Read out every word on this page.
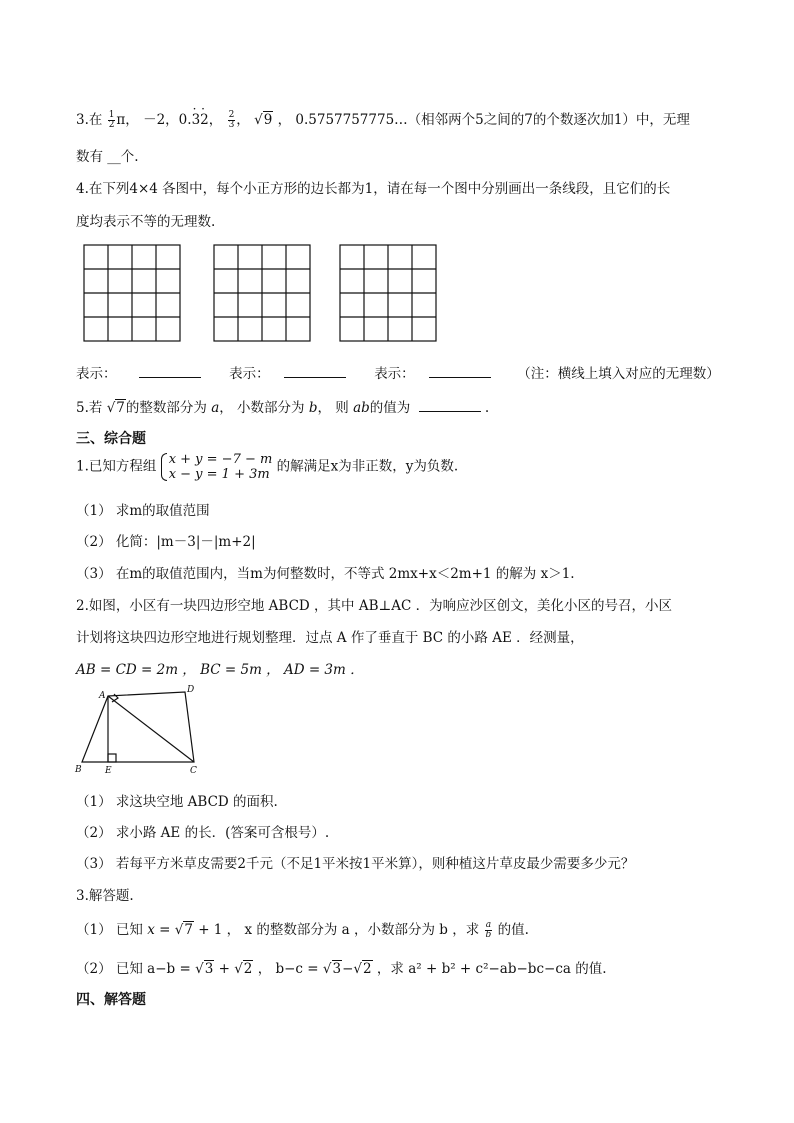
3.在 $\frac{1}{2}$ π， －2，0.· 3· 2， $\frac{2}{3}$ ， √9 ， 0.5757757775…（相邻两个5之间的7的个数逐次加1）中，无理
数有 __个.
4.在下列4×4 各图中，每个小正方形的边长都为1，请在每一个图中分别画出一条线段，且它们的长
度均表示不等的无理数.
表示：	表示：	表示：	（注：横线上填入对应的无理数）
5.若 √7的整数部分为 a， 小数部分为 b， 则 ab的值为	.
三、综合题
1.已知方程组 x + y = −7 − m
x − y = 1 + 3m 的解满足x为非正数，y为负数.
（1） 求m的取值范围
（2） 化简：|m－3|－|m+2|
（3） 在m的取值范围内，当m为何整数时，不等式 2mx+x＜2m+1 的解为 x＞1.
2.如图，小区有一块四边形空地 ABCD ，其中 AB⊥AC ．为响应沙区创文，美化小区的号召，小区
计划将这块四边形空地进行规划整理．过点 A 作了垂直于 BC 的小路 AE ．经测量，
AB = CD = 2m ， BC = 5m ， AD = 3m ．
A
D
B	E	C
（1） 求这块空地 ABCD 的面积.
（2） 求小路 AE 的长．(答案可含根号）.
（3） 若每平方米草皮需要2千元（不足1平米按1平米算），则种植这片草皮最少需要多少元？
3.解答题.
（1） 已知 x = √7 + 1 ， x 的整数部分为 a ，小数部分为 b ，求 $\frac{a}{b}$ 的值.
（2） 已知 a−b = √3 + √2 ， b−c = √3−√2 ，求 a² + b² + c²−ab−bc−ca 的值.
四、解答题
